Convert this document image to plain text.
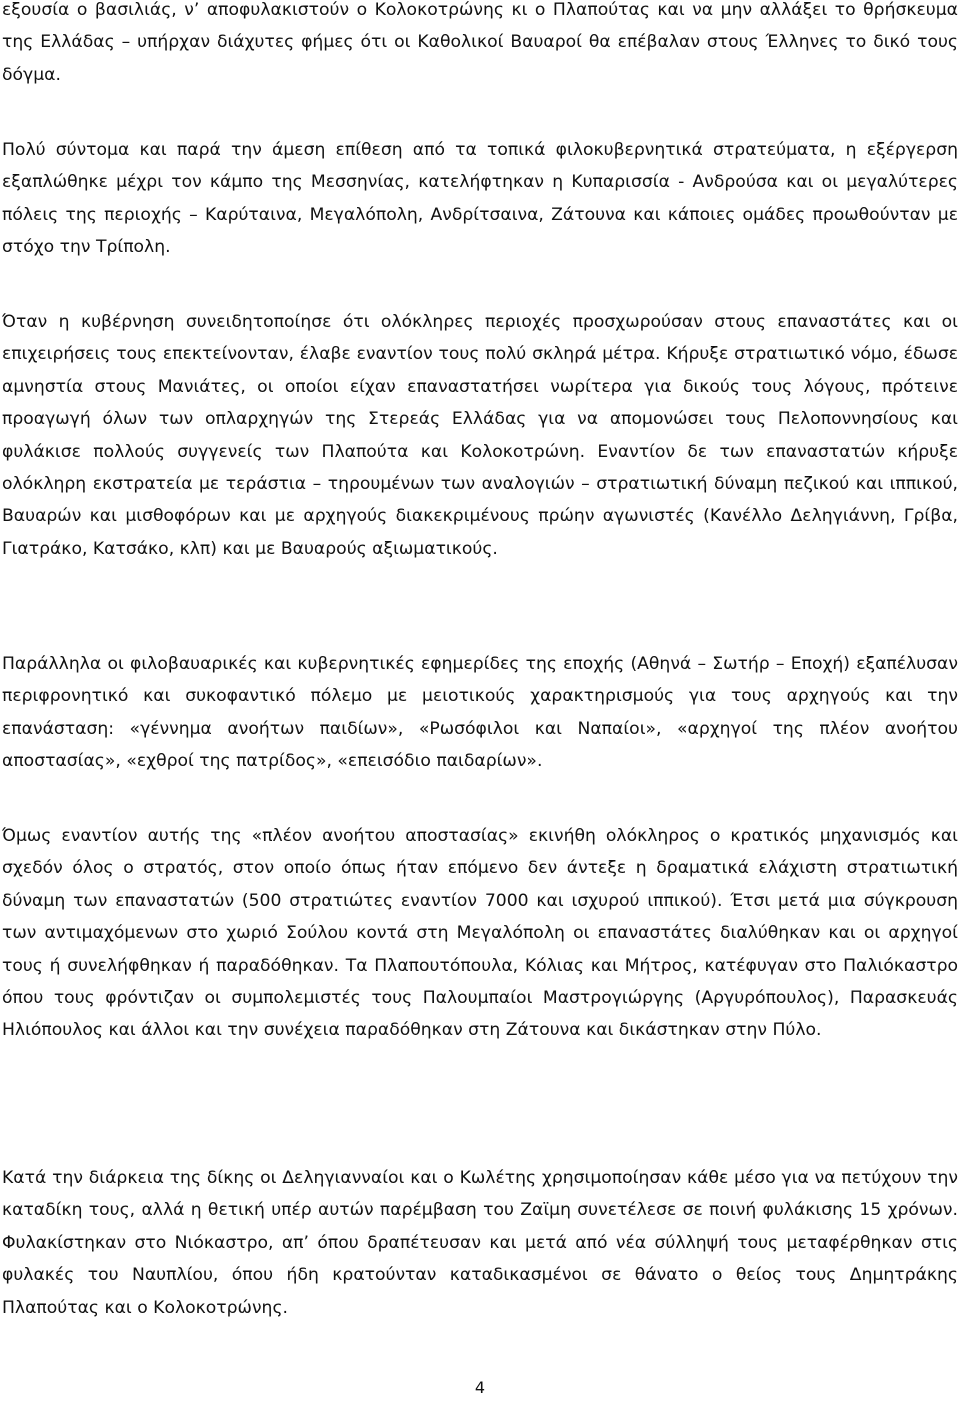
εξουσία ο βασιλιάς, ν’ αποφυλακιστούν ο Κολοκοτρώνης κι ο Πλαπούτας και να μην αλλάξει το θρήσκευμα της Ελλάδας – υπήρχαν διάχυτες φήμες ότι οι Καθολικοί Βαυαροί θα επέβαλαν στους Έλληνες το δικό τους δόγμα.

Πολύ σύντομα και παρά την άμεση επίθεση από τα τοπικά φιλοκυβερνητικά στρατεύματα, η εξέργερση εξαπλώθηκε μέχρι τον κάμπο της Μεσσηνίας, κατελήφτηκαν η Κυπαρισσία - Ανδρούσα και οι μεγαλύτερες πόλεις της περιοχής – Καρύταινα, Μεγαλόπολη, Ανδρίτσαινα, Ζάτουνα και κάποιες ομάδες προωθούνταν με στόχο την Τρίπολη.

Όταν η κυβέρνηση συνειδητοποίησε ότι ολόκληρες περιοχές προσχωρούσαν στους επαναστάτες και οι επιχειρήσεις τους επεκτείνονταν, έλαβε εναντίον τους πολύ σκληρά μέτρα. Κήρυξε στρατιωτικό νόμο, έδωσε αμνηστία στους Μανιάτες, οι οποίοι είχαν επαναστατήσει νωρίτερα για δικούς τους λόγους, πρότεινε προαγωγή όλων των οπλαρχηγών της Στερεάς Ελλάδας για να απομονώσει τους Πελοποννησίους και φυλάκισε πολλούς συγγενείς των Πλαπούτα και Κολοκοτρώνη. Εναντίον δε των επαναστατών κήρυξε ολόκληρη εκστρατεία με τεράστια – τηρουμένων των αναλογιών – στρατιωτική δύναμη πεζικού και ιππικού, Βαυαρών και μισθοφόρων και με αρχηγούς διακεκριμένους πρώην αγωνιστές (Κανέλλο Δεληγιάννη, Γρίβα, Γιατράκο, Κατσάκο, κλπ) και με Βαυαρούς αξιωματικούς.

Παράλληλα οι φιλοβαυαρικές και κυβερνητικές εφημερίδες της εποχής (Αθηνά – Σωτήρ – Εποχή) εξαπέλυσαν περιφρονητικό και συκοφαντικό πόλεμο με μειοτικούς χαρακτηρισμούς για τους αρχηγούς και την επανάσταση: «γέννημα ανοήτων παιδίων», «Ρωσόφιλοι και Ναπαίοι», «αρχηγοί της πλέον ανοήτου αποστασίας», «εχθροί της πατρίδος», «επεισόδιο παιδαρίων».

Όμως εναντίον αυτής της «πλέον ανοήτου αποστασίας» εκινήθη ολόκληρος ο κρατικός μηχανισμός και σχεδόν όλος ο στρατός, στον οποίο όπως ήταν επόμενο δεν άντεξε η δραματικά ελάχιστη στρατιωτική δύναμη των επαναστατών (500 στρατιώτες εναντίον 7000 και ισχυρού ιππικού). Έτσι μετά μια σύγκρουση των αντιμαχόμενων στο χωριό Σούλου κοντά στη Μεγαλόπολη οι επαναστάτες διαλύθηκαν και οι αρχηγοί τους ή συνελήφθηκαν ή παραδόθηκαν. Τα Πλαπουτόπουλα, Κόλιας και Μήτρος, κατέφυγαν στο Παλιόκαστρο όπου τους φρόντιζαν οι συμπολεμιστές τους Παλουμπαίοι Μαστρογιώργης (Αργυρόπουλος), Παρασκευάς Ηλιόπουλος και άλλοι και την συνέχεια παραδόθηκαν στη Ζάτουνα και δικάστηκαν στην Πύλο.

Κατά την διάρκεια της δίκης οι Δεληγιανναίοι και ο Κωλέτης χρησιμοποίησαν κάθε μέσο για να πετύχουν την καταδίκη τους, αλλά η θετική υπέρ αυτών παρέμβαση του Ζαϊμη συνετέλεσε σε ποινή φυλάκισης 15 χρόνων. Φυλακίστηκαν στο Νιόκαστρο, απ’ όπου δραπέτευσαν και μετά από νέα σύλληψή τους μεταφέρθηκαν στις φυλακές του Ναυπλίου, όπου ήδη κρατούνταν καταδικασμένοι σε θάνατο ο θείος τους Δημητράκης Πλαπούτας και ο Κολοκοτρώνης.

4
